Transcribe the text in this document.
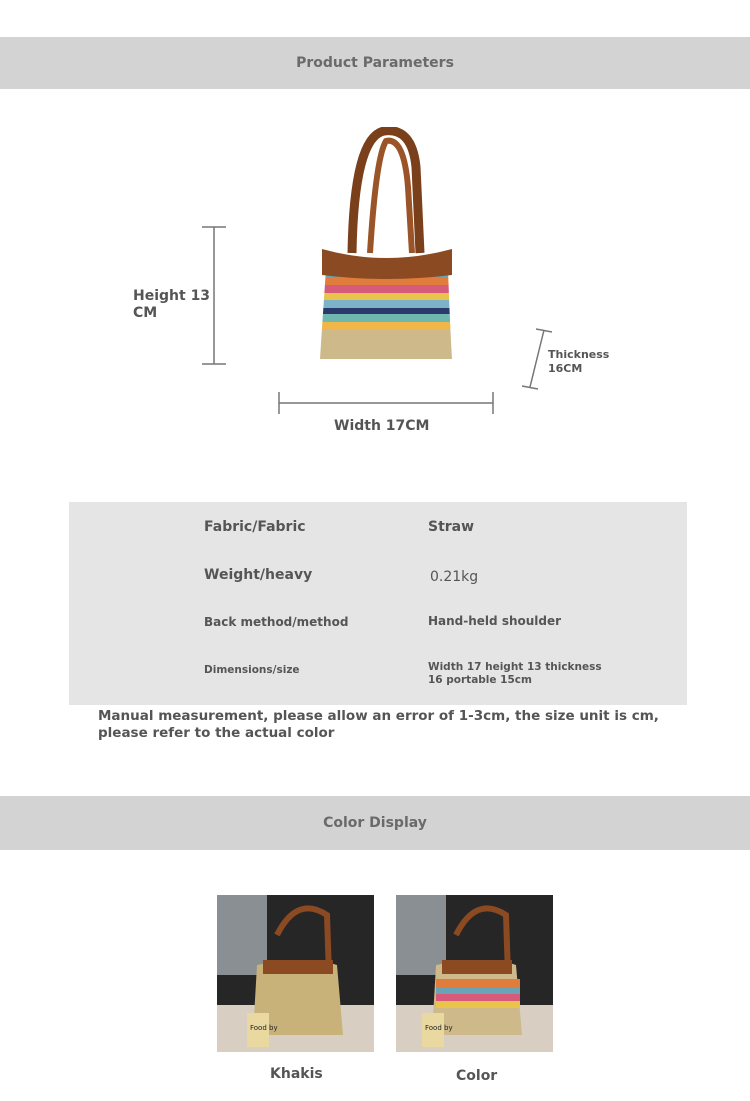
Product Parameters
Height 13 CM
Thickness 16CM
Width 17CM
Fabric/Fabric	Straw
Weight/heavy	0.21kg
Back method/method	Hand-held shoulder
Dimensions/size	Width 17 height 13 thickness 16 portable 15cm
Manual measurement, please allow an error of 1-3cm, the size unit is cm, please refer to the actual color
Color Display
Food by
Khakis
Food by
Color
